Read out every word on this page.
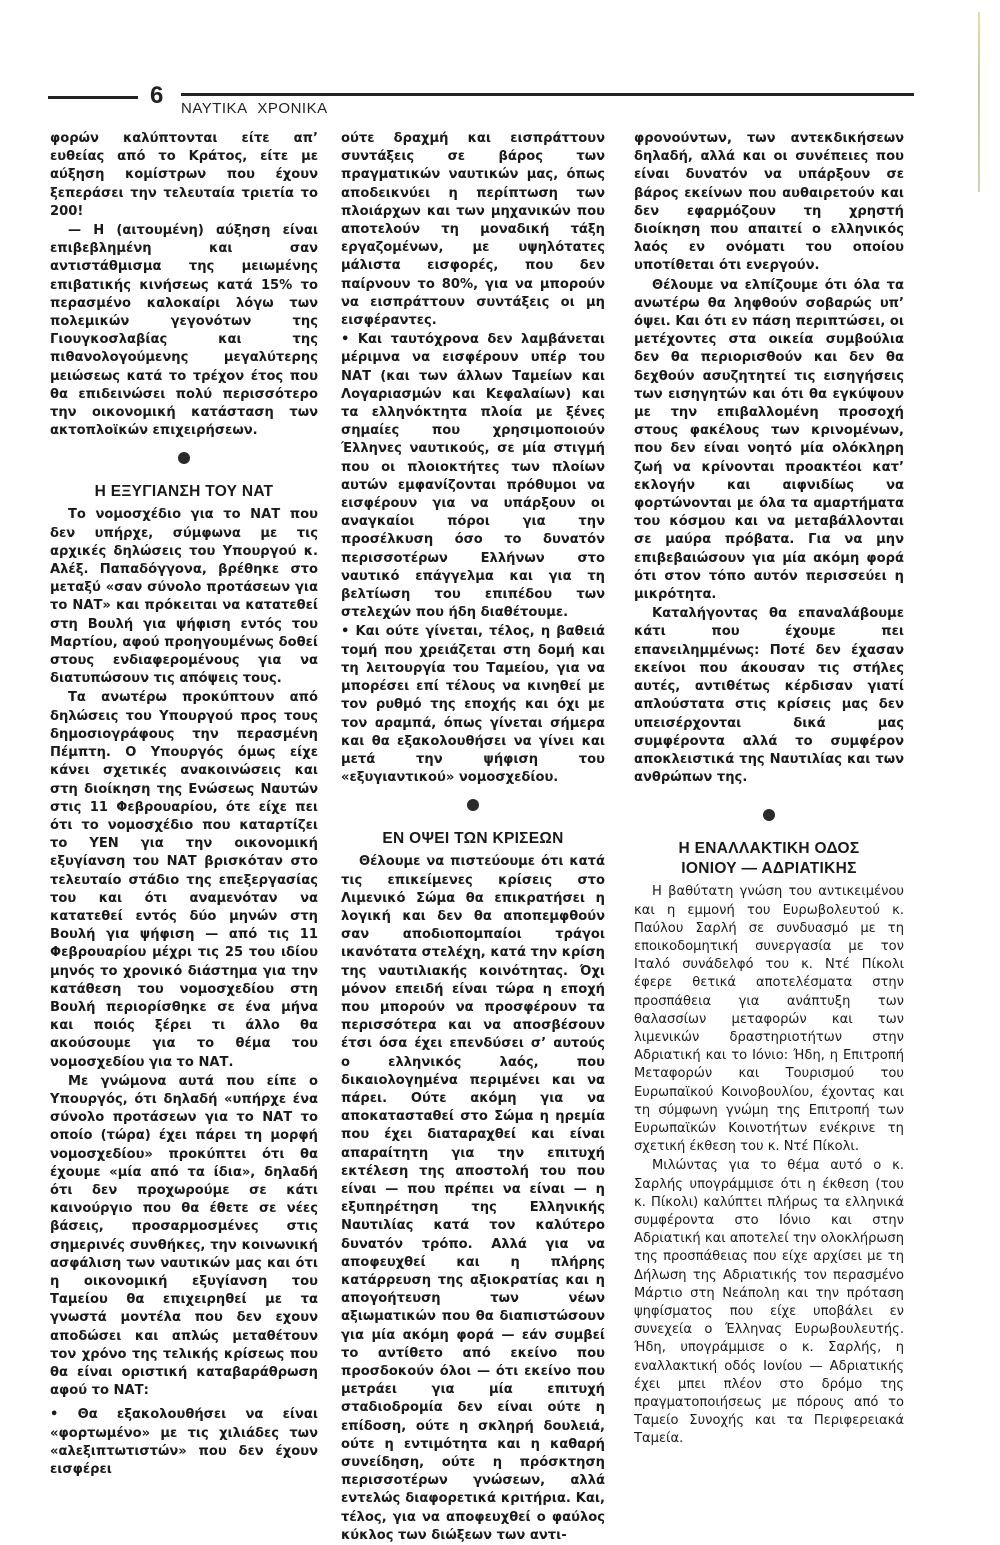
6 ΝΑΥΤΙΚΑ ΧΡΟΝΙΚΑ

φορών καλύπτονται είτε απ’ ευθείας από το Κράτος, είτε με αύξηση κομίστρων που έχουν ξεπεράσει την τελευταία τριετία το 200!

— Η (αιτουμένη) αύξηση είναι επιβεβλημένη και σαν αντιστάθμισμα της μειωμένης επιβατικής κινήσεως κατά 15% το περασμένο καλοκαίρι λόγω των πολεμικών γεγονότων της Γιουγκοσλαβίας και της πιθανολογούμενης μεγαλύτερης μειώσεως κατά το τρέχον έτος που θα επιδεινώσει πολύ περισσότερο την οικονομική κατάσταση των ακτοπλοϊκών επιχειρήσεων.

Η ΕΞΥΓΙΑΝΣΗ ΤΟΥ ΝΑΤ

Το νομοσχέδιο για το ΝΑΤ που δεν υπήρχε, σύμφωνα με τις αρχικές δηλώσεις του Υπουργού κ. Αλέξ. Παπαδόγγονα, βρέθηκε στο μεταξύ «σαν σύνολο προτάσεων για το ΝΑΤ» και πρόκειται να κατατεθεί στη Βουλή για ψήφιση εντός του Μαρτίου, αφού προηγουμένως δοθεί στους ενδιαφερομένους για να διατυπώσουν τις απόψεις τους.

Τα ανωτέρω προκύπτουν από δηλώσεις του Υπουργού προς τους δημοσιογράφους την περασμένη Πέμπτη. Ο Υπουργός όμως είχε κάνει σχετικές ανακοινώσεις και στη διοίκηση της Ενώσεως Ναυτών στις 11 Φεβρουαρίου, ότε είχε πει ότι το νομοσχέδιο που καταρτίζει το ΥΕΝ για την οικονομική εξυγίανση του ΝΑΤ βρισκόταν στο τελευταίο στάδιο της επεξεργασίας του και ότι αναμενόταν να κατατεθεί εντός δύο μηνών στη Βουλή για ψήφιση — από τις 11 Φεβρουαρίου μέχρι τις 25 του ιδίου μηνός το χρονικό διάστημα για την κατάθεση του νομοσχεδίου στη Βουλή περιορίσθηκε σε ένα μήνα και ποιός ξέρει τι άλλο θα ακούσουμε για το θέμα του νομοσχεδίου για το ΝΑΤ.

Με γνώμονα αυτά που είπε ο Υπουργός, ότι δηλαδή «υπήρχε ένα σύνολο προτάσεων για το ΝΑΤ το οποίο (τώρα) έχει πάρει τη μορφή νομοσχεδίου» προκύπτει ότι θα έχουμε «μία από τα ίδια», δηλαδή ότι δεν προχωρούμε σε κάτι καινούργιο που θα έθετε σε νέες βάσεις, προσαρμοσμένες στις σημερινές συνθήκες, την κοινωνική ασφάλιση των ναυτικών μας και ότι η οικονομική εξυγίανση του Ταμείου θα επιχειρηθεί με τα γνωστά μοντέλα που δεν εχουν αποδώσει και απλώς μεταθέτουν τον χρόνο της τελικής κρίσεως που θα είναι οριστική καταβαράθρωση αφού το ΝΑΤ:

• Θα εξακολουθήσει να είναι «φορτωμένο» με τις χιλιάδες των «αλεξιπτωτιστών» που δεν έχουν εισφέρει

ούτε δραχμή και εισπράττουν συντάξεις σε βάρος των πραγματικών ναυτικών μας, όπως αποδεικνύει η περίπτωση των πλοιάρχων και των μηχανικών που αποτελούν τη μοναδική τάξη εργαζομένων, με υψηλότατες μάλιστα εισφορές, που δεν παίρνουν το 80%, για να μπορούν να εισπράττουν συντάξεις οι μη εισφέραντες.

• Και ταυτόχρονα δεν λαμβάνεται μέριμνα να εισφέρουν υπέρ του ΝΑΤ (και των άλλων Ταμείων και Λογαριασμών και Κεφαλαίων) και τα ελληνόκτητα πλοία με ξένες σημαίες που χρησιμοποιούν Έλληνες ναυτικούς, σε μία στιγμή που οι πλοιοκτήτες των πλοίων αυτών εμφανίζονται πρόθυμοι να εισφέρουν για να υπάρξουν οι αναγκαίοι πόροι για την προσέλκυση όσο το δυνατόν περισσοτέρων Ελλήνων στο ναυτικό επάγγελμα και για τη βελτίωση του επιπέδου των στελεχών που ήδη διαθέτουμε.

• Και ούτε γίνεται, τέλος, η βαθειά τομή που χρειάζεται στη δομή και τη λειτουργία του Ταμείου, για να μπορέσει επί τέλους να κινηθεί με τον ρυθμό της εποχής και όχι με τον αραμπά, όπως γίνεται σήμερα και θα εξακολουθήσει να γίνει και μετά την ψήφιση του «εξυγιαντικού» νομοσχεδίου.

ΕΝ ΟΨΕΙ ΤΩΝ ΚΡΙΣΕΩΝ

Θέλουμε να πιστεύουμε ότι κατά τις επικείμενες κρίσεις στο Λιμενικό Σώμα θα επικρατήσει η λογική και δεν θα αποπεμφθούν σαν αποδιοπομπαίοι τράγοι ικανότατα στελέχη, κατά την κρίση της ναυτιλιακής κοινότητας. Όχι μόνον επειδή είναι τώρα η εποχή που μπορούν να προσφέρουν τα περισσότερα και να αποσβέσουν έτσι όσα έχει επενδύσει σ’ αυτούς ο ελληνικός λαός, που δικαιολογημένα περιμένει και να πάρει. Ούτε ακόμη για να αποκατασταθεί στο Σώμα η ηρεμία που έχει διαταραχθεί και είναι απαραίτητη για την επιτυχή εκτέλεση της αποστολή του που είναι — που πρέπει να είναι — η εξυπηρέτηση της Ελληνικής Ναυτιλίας κατά τον καλύτερο δυνατόν τρόπο. Αλλά για να αποφευχθεί και η πλήρης κατάρρευση της αξιοκρατίας και η απογοήτευση των νέων αξιωματικών που θα διαπιστώσουν για μία ακόμη φορά — εάν συμβεί το αντίθετο από εκείνο που προσδοκούν όλοι — ότι εκείνο που μετράει για μία επιτυχή σταδιοδρομία δεν είναι ούτε η επίδοση, ούτε η σκληρή δουλειά, ούτε η εντιμότητα και η καθαρή συνείδηση, ούτε η πρόσκτηση περισσοτέρων γνώσεων, αλλά εντελώς διαφορετικά κριτήρια. Και, τέλος, για να αποφευχθεί ο φαύλος κύκλος των διώξεων των αντι-

φρονούντων, των αντεκδικήσεων δηλαδή, αλλά και οι συνέπειες που είναι δυνατόν να υπάρξουν σε βάρος εκείνων που αυθαιρετούν και δεν εφαρμόζουν τη χρηστή διοίκηση που απαιτεί ο ελληνικός λαός εν ονόματι του οποίου υποτίθεται ότι ενεργούν.

Θέλουμε να ελπίζουμε ότι όλα τα ανωτέρω θα ληφθούν σοβαρώς υπ’ όψει. Και ότι εν πάση περιπτώσει, οι μετέχοντες στα οικεία συμβούλια δεν θα περιορισθούν και δεν θα δεχθούν ασυζητητεί τις εισηγήσεις των εισηγητών και ότι θα εγκύψουν με την επιβαλλομένη προσοχή στους φακέλους των κρινομένων, που δεν είναι νοητό μία ολόκληρη ζωή να κρίνονται προακτέοι κατ’ εκλογήν και αιφνιδίως να φορτώνονται με όλα τα αμαρτήματα του κόσμου και να μεταβάλλονται σε μαύρα πρόβατα. Για να μην επιβεβαιώσουν για μία ακόμη φορά ότι στον τόπο αυτόν περισσεύει η μικρότητα.

Καταλήγοντας θα επαναλάβουμε κάτι που έχουμε πει επανειλημμένως: Ποτέ δεν έχασαν εκείνοι που άκουσαν τις στήλες αυτές, αντιθέτως κέρδισαν γιατί απλούστατα στις κρίσεις μας δεν υπεισέρχονται δικά μας συμφέροντα αλλά το συμφέρον αποκλειστικά της Ναυτιλίας και των ανθρώπων της.

Η ΕΝΑΛΛΑΚΤΙΚΗ ΟΔΟΣ
ΙΟΝΙΟΥ — ΑΔΡΙΑΤΙΚΗΣ

Η βαθύτατη γνώση του αντικειμένου και η εμμονή του Ευρωβολευτού κ. Παύλου Σαρλή σε συνδυασμό με τη εποικοδομητική συνεργασία με τον Ιταλό συνάδελφό του κ. Ντέ Πίκολι έφερε θετικά αποτελέσματα στην προσπάθεια για ανάπτυξη των θαλασσίων μεταφορών και των λιμενικών δραστηριοτήτων στην Αδριατική και το Ιόνιο: Ήδη, η Επιτροπή Μεταφορών και Τουρισμού του Ευρωπαϊκού Κοινοβουλίου, έχοντας και τη σύμφωνη γνώμη της Επιτροπή των Ευρωπαϊκών Κοινοτήτων ενέκρινε τη σχετική έκθεση του κ. Ντέ Πίκολι.

Μιλώντας για το θέμα αυτό ο κ. Σαρλής υπογράμμισε ότι η έκθεση (του κ. Πίκολι) καλύπτει πλήρως τα ελληνικά συμφέροντα στο Ιόνιο και στην Αδριατική και αποτελεί την ολοκλήρωση της προσπάθειας που είχε αρχίσει με τη Δήλωση της Αδριατικής τον περασμένο Μάρτιο στη Νεάπολη και την πρόταση ψηφίσματος που είχε υποβάλει εν συνεχεία ο Έλληνας Ευρωβουλευτής. Ήδη, υπογράμμισε ο κ. Σαρλής, η εναλλακτική οδός Ιονίου — Αδριατικής έχει μπει πλέον στο δρόμο της πραγματοποιήσεως με πόρους από το Ταμείο Συνοχής και τα Περιφερειακά Ταμεία.
